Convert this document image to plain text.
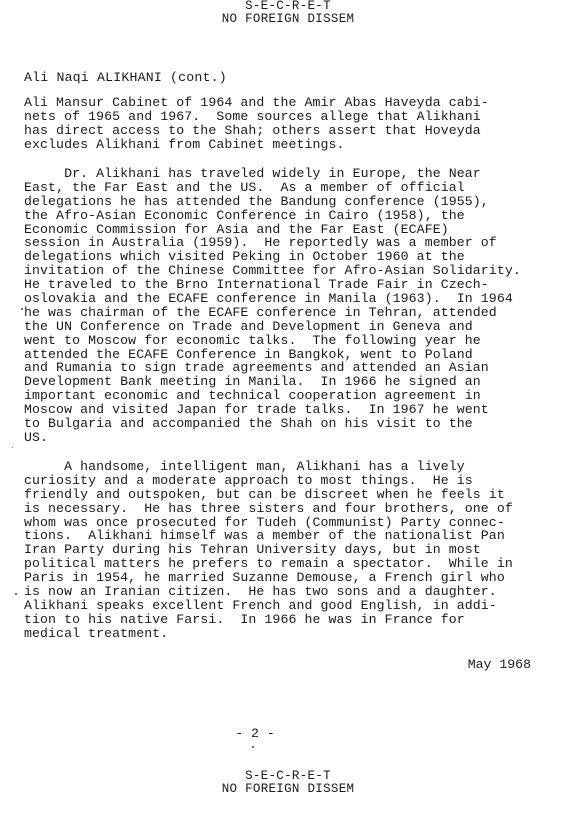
S-E-C-R-E-T
NO FOREIGN DISSEM
Ali Naqi ALIKHANI (cont.)
Ali Mansur Cabinet of 1964 and the Amir Abas Haveyda cabi-
nets of 1965 and 1967.  Some sources allege that Alikhani
has direct access to the Shah; others assert that Hoveyda
excludes Alikhani from Cabinet meetings.
Dr. Alikhani has traveled widely in Europe, the Near
East, the Far East and the US.  As a member of official
delegations he has attended the Bandung conference (1955),
the Afro-Asian Economic Conference in Cairo (1958), the
Economic Commission for Asia and the Far East (ECAFE)
session in Australia (1959).  He reportedly was a member of
delegations which visited Peking in October 1960 at the
invitation of the Chinese Committee for Afro-Asian Solidarity.
He traveled to the Brno International Trade Fair in Czech-
oslovakia and the ECAFE conference in Manila (1963).  In 1964
he was chairman of the ECAFE conference in Tehran, attended
the UN Conference on Trade and Development in Geneva and
went to Moscow for economic talks.  The following year he
attended the ECAFE Conference in Bangkok, went to Poland
and Rumania to sign trade agreements and attended an Asian
Development Bank meeting in Manila.  In 1966 he signed an
important economic and technical cooperation agreement in
Moscow and visited Japan for trade talks.  In 1967 he went
to Bulgaria and accompanied the Shah on his visit to the
US.
A handsome, intelligent man, Alikhani has a lively
curiosity and a moderate approach to most things.  He is
friendly and outspoken, but can be discreet when he feels it
is necessary.  He has three sisters and four brothers, one of
whom was once prosecuted for Tudeh (Communist) Party connec-
tions.  Alikhani himself was a member of the nationalist Pan
Iran Party during his Tehran University days, but in most
political matters he prefers to remain a spectator.  While in
Paris in 1954, he married Suzanne Demouse, a French girl who
is now an Iranian citizen.  He has two sons and a daughter.
Alikhani speaks excellent French and good English, in addi-
tion to his native Farsi.  In 1966 he was in France for
medical treatment.
May 1968
- 2 -
S-E-C-R-E-T
NO FOREIGN DISSEM
